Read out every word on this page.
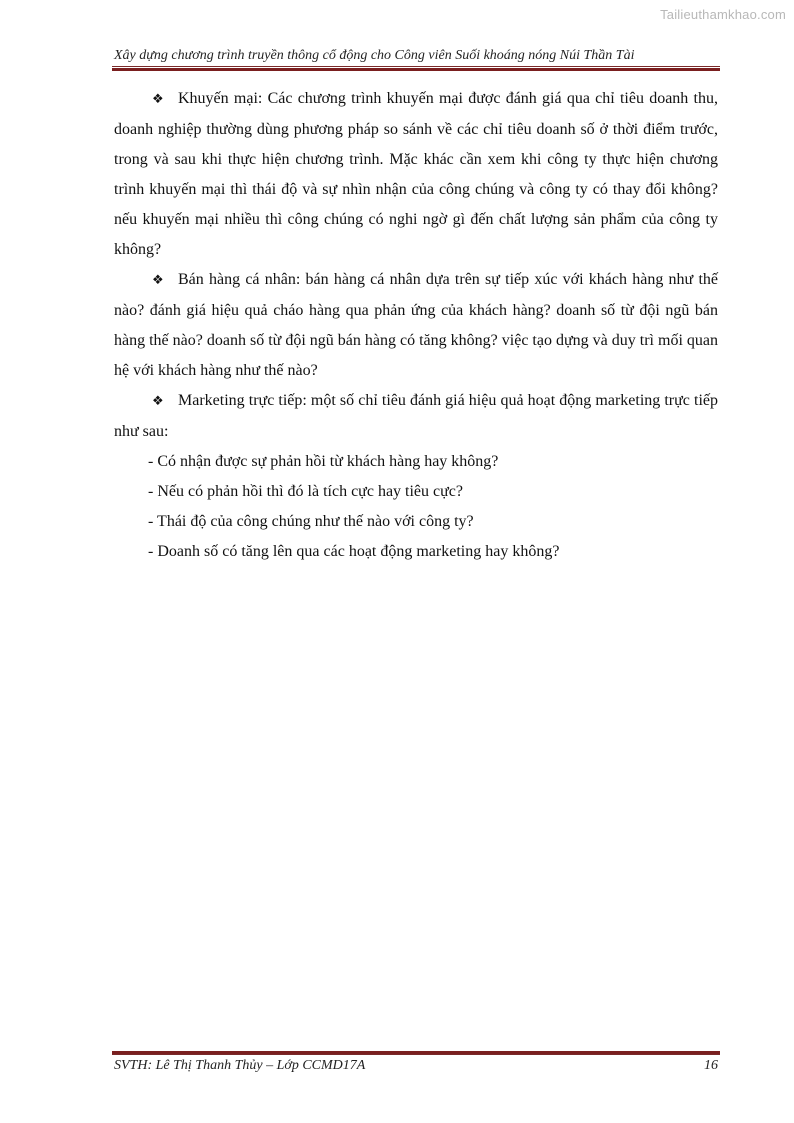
Tailieuthamkhao.com
Xây dựng chương trình truyền thông cổ động cho Công viên Suối khoáng nóng Núi Thần Tài

❖ Khuyến mại: Các chương trình khuyến mại được đánh giá qua chỉ tiêu doanh thu, doanh nghiệp thường dùng phương pháp so sánh về các chỉ tiêu doanh số ở thời điểm trước, trong và sau khi thực hiện chương trình. Mặc khác cần xem khi công ty thực hiện chương trình khuyến mại thì thái độ và sự nhìn nhận của công chúng và công ty có thay đổi không? nếu khuyến mại nhiều thì công chúng có nghi ngờ gì đến chất lượng sản phẩm của công ty không?

❖ Bán hàng cá nhân: bán hàng cá nhân dựa trên sự tiếp xúc với khách hàng như thế nào? đánh giá hiệu quả cháo hàng qua phản ứng của khách hàng? doanh số từ đội ngũ bán hàng thế nào? doanh số từ đội ngũ bán hàng có tăng không? việc tạo dựng và duy trì mối quan hệ với khách hàng như thế nào?

❖ Marketing trực tiếp: một số chỉ tiêu đánh giá hiệu quả hoạt động marketing trực tiếp như sau:

- Có nhận được sự phản hồi từ khách hàng hay không?

- Nếu có phản hồi thì đó là tích cực hay tiêu cực?

- Thái độ của công chúng như thế nào với công ty?

- Doanh số có tăng lên qua các hoạt động marketing hay không?

SVTH: Lê Thị Thanh Thủy – Lớp CCMD17A	16
